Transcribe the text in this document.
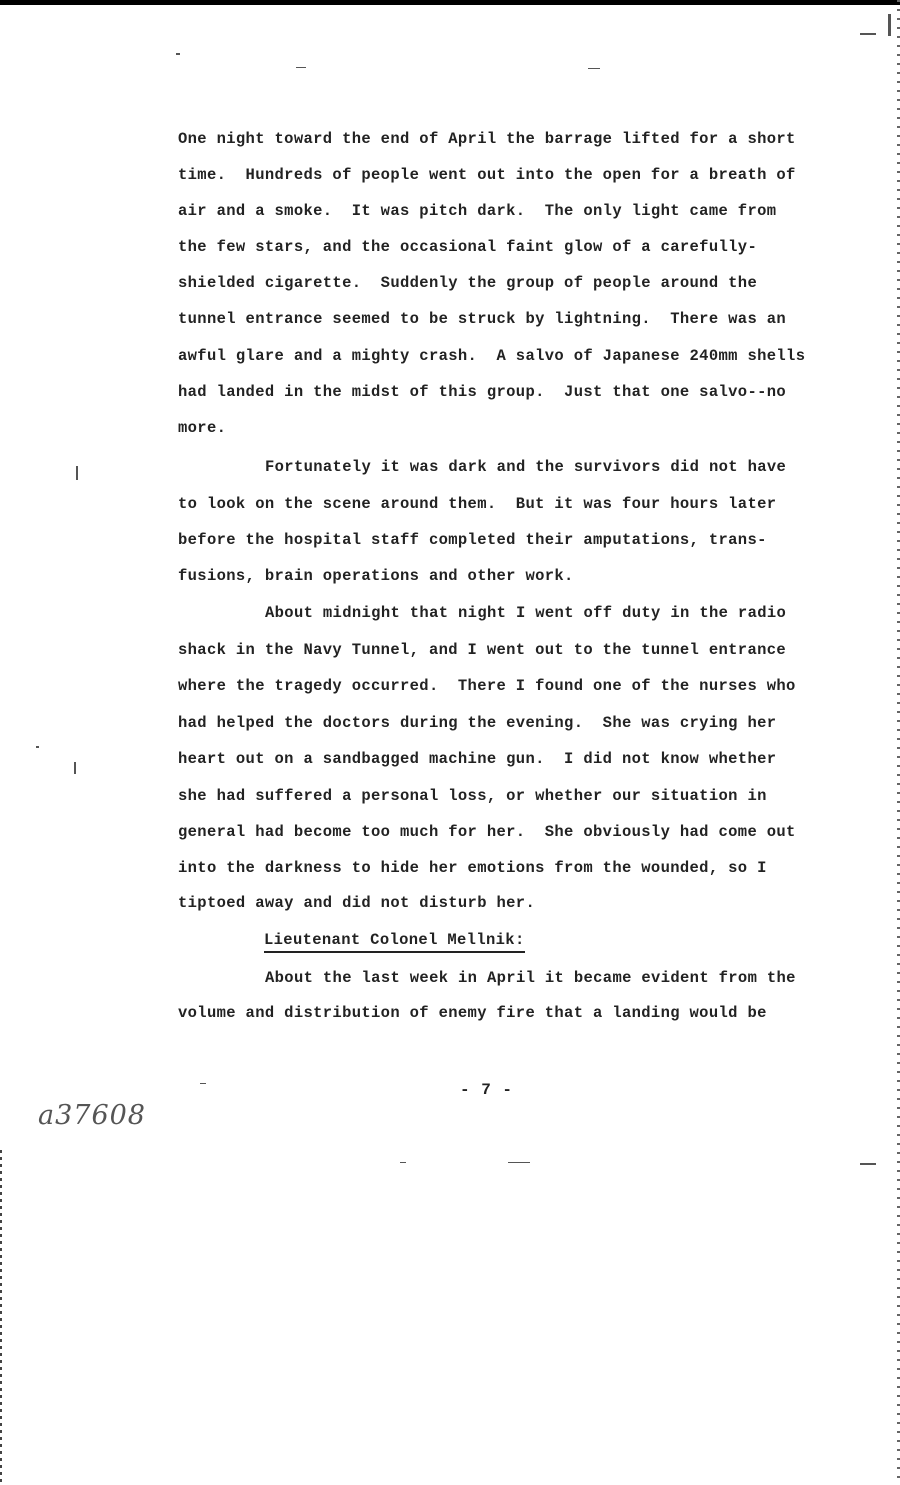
One night toward the end of April the barrage lifted for a short
time.  Hundreds of people went out into the open for a breath of
air and a smoke.  It was pitch dark.  The only light came from
the few stars, and the occasional faint glow of a carefully-
shielded cigarette.  Suddenly the group of people around the
tunnel entrance seemed to be struck by lightning.  There was an
awful glare and a mighty crash.  A salvo of Japanese 240mm shells
had landed in the midst of this group.  Just that one salvo--no
more.
Fortunately it was dark and the survivors did not have
to look on the scene around them.  But it was four hours later
before the hospital staff completed their amputations, trans-
fusions, brain operations and other work.
About midnight that night I went off duty in the radio
shack in the Navy Tunnel, and I went out to the tunnel entrance
where the tragedy occurred.  There I found one of the nurses who
had helped the doctors during the evening.  She was crying her
heart out on a sandbagged machine gun.  I did not know whether
she had suffered a personal loss, or whether our situation in
general had become too much for her.  She obviously had come out
into the darkness to hide her emotions from the wounded, so I
tiptoed away and did not disturb her.
Lieutenant Colonel Mellnik:
About the last week in April it became evident from the
volume and distribution of enemy fire that a landing would be
- 7 -
a37608
